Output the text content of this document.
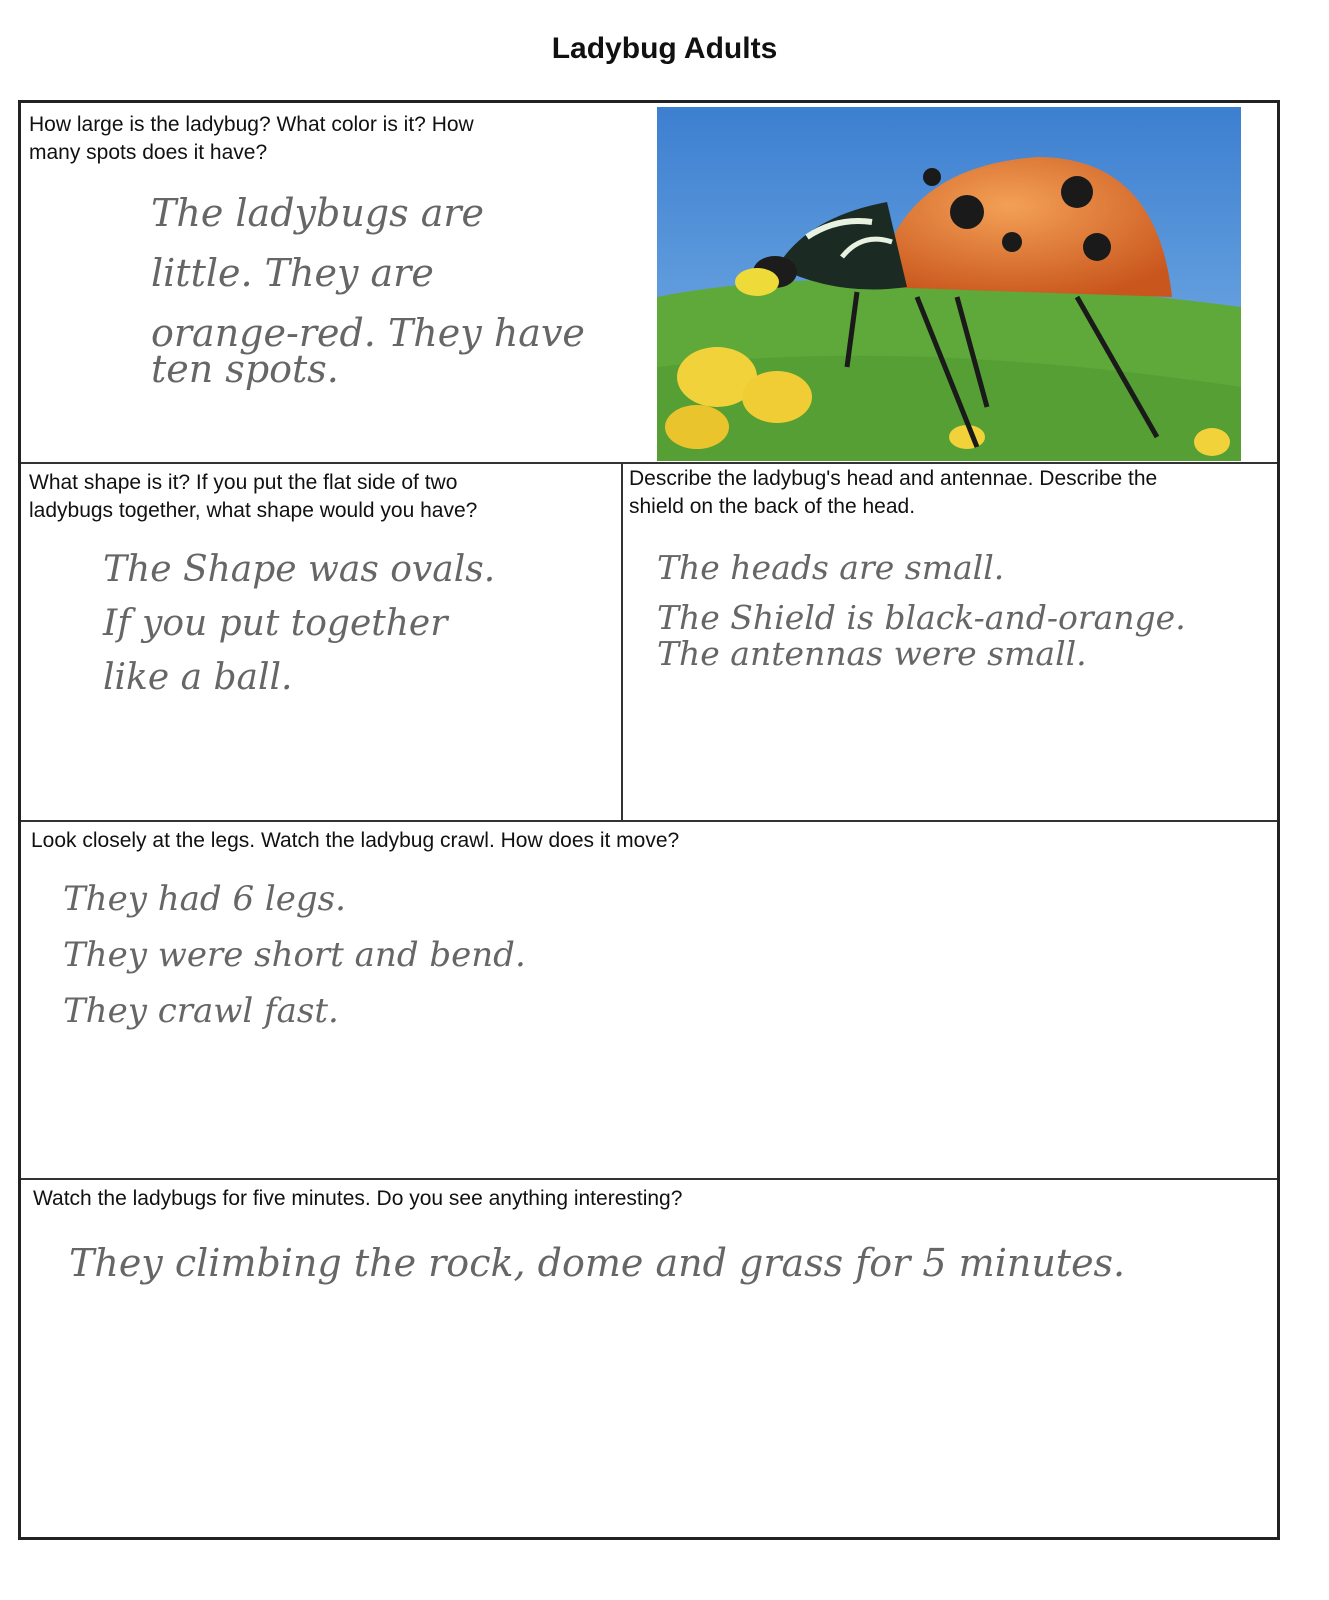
Ladybug Adults
How large is the ladybug? What color is it? How
many spots does it have?
The ladybugs are
little. They are
orange-red. They have
ten spots.
What shape is it? If you put the flat side of two
ladybugs together, what shape would you have?
The Shape was ovals.
If you put together
like a ball.
Describe the ladybug's head and antennae. Describe the
shield on the back of the head.
The heads are small.
The Shield is black-and-orange.
The antennas were small.
Look closely at the legs. Watch the ladybug crawl. How does it move?
They had 6 legs.
They were short and bend.
They crawl fast.
Watch the ladybugs for five minutes. Do you see anything interesting?
They climbing the rock, dome and grass for 5 minutes.
